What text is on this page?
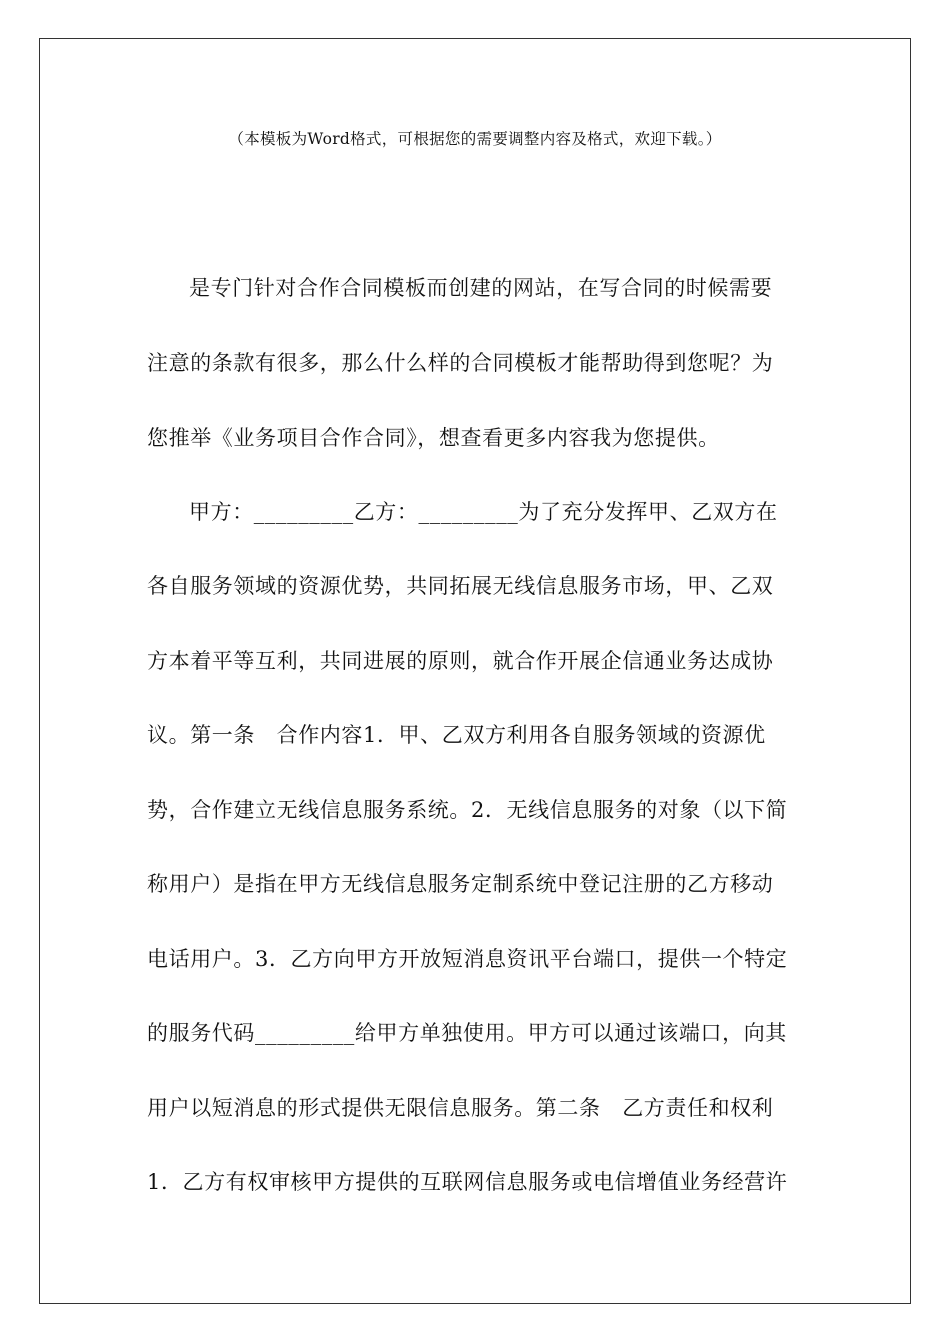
（本模板为Word格式，可根据您的需要调整内容及格式，欢迎下载。）
是专门针对合作合同模板而创建的网站，在写合同的时候需要
注意的条款有很多，那么什么样的合同模板才能帮助得到您呢？为
您推举《业务项目合作合同》，想查看更多内容我为您提供。
甲方：_________乙方：_________为了充分发挥甲、乙双方在
各自服务领域的资源优势，共同拓展无线信息服务市场，甲、乙双
方本着平等互利，共同进展的原则，就合作开展企信通业务达成协
议。第一条　合作内容1．甲、乙双方利用各自服务领域的资源优
势，合作建立无线信息服务系统。2．无线信息服务的对象（以下简
称用户）是指在甲方无线信息服务定制系统中登记注册的乙方移动
电话用户。3．乙方向甲方开放短消息资讯平台端口，提供一个特定
的服务代码_________给甲方单独使用。甲方可以通过该端口，向其
用户以短消息的形式提供无限信息服务。第二条　乙方责任和权利
1．乙方有权审核甲方提供的互联网信息服务或电信增值业务经营许
